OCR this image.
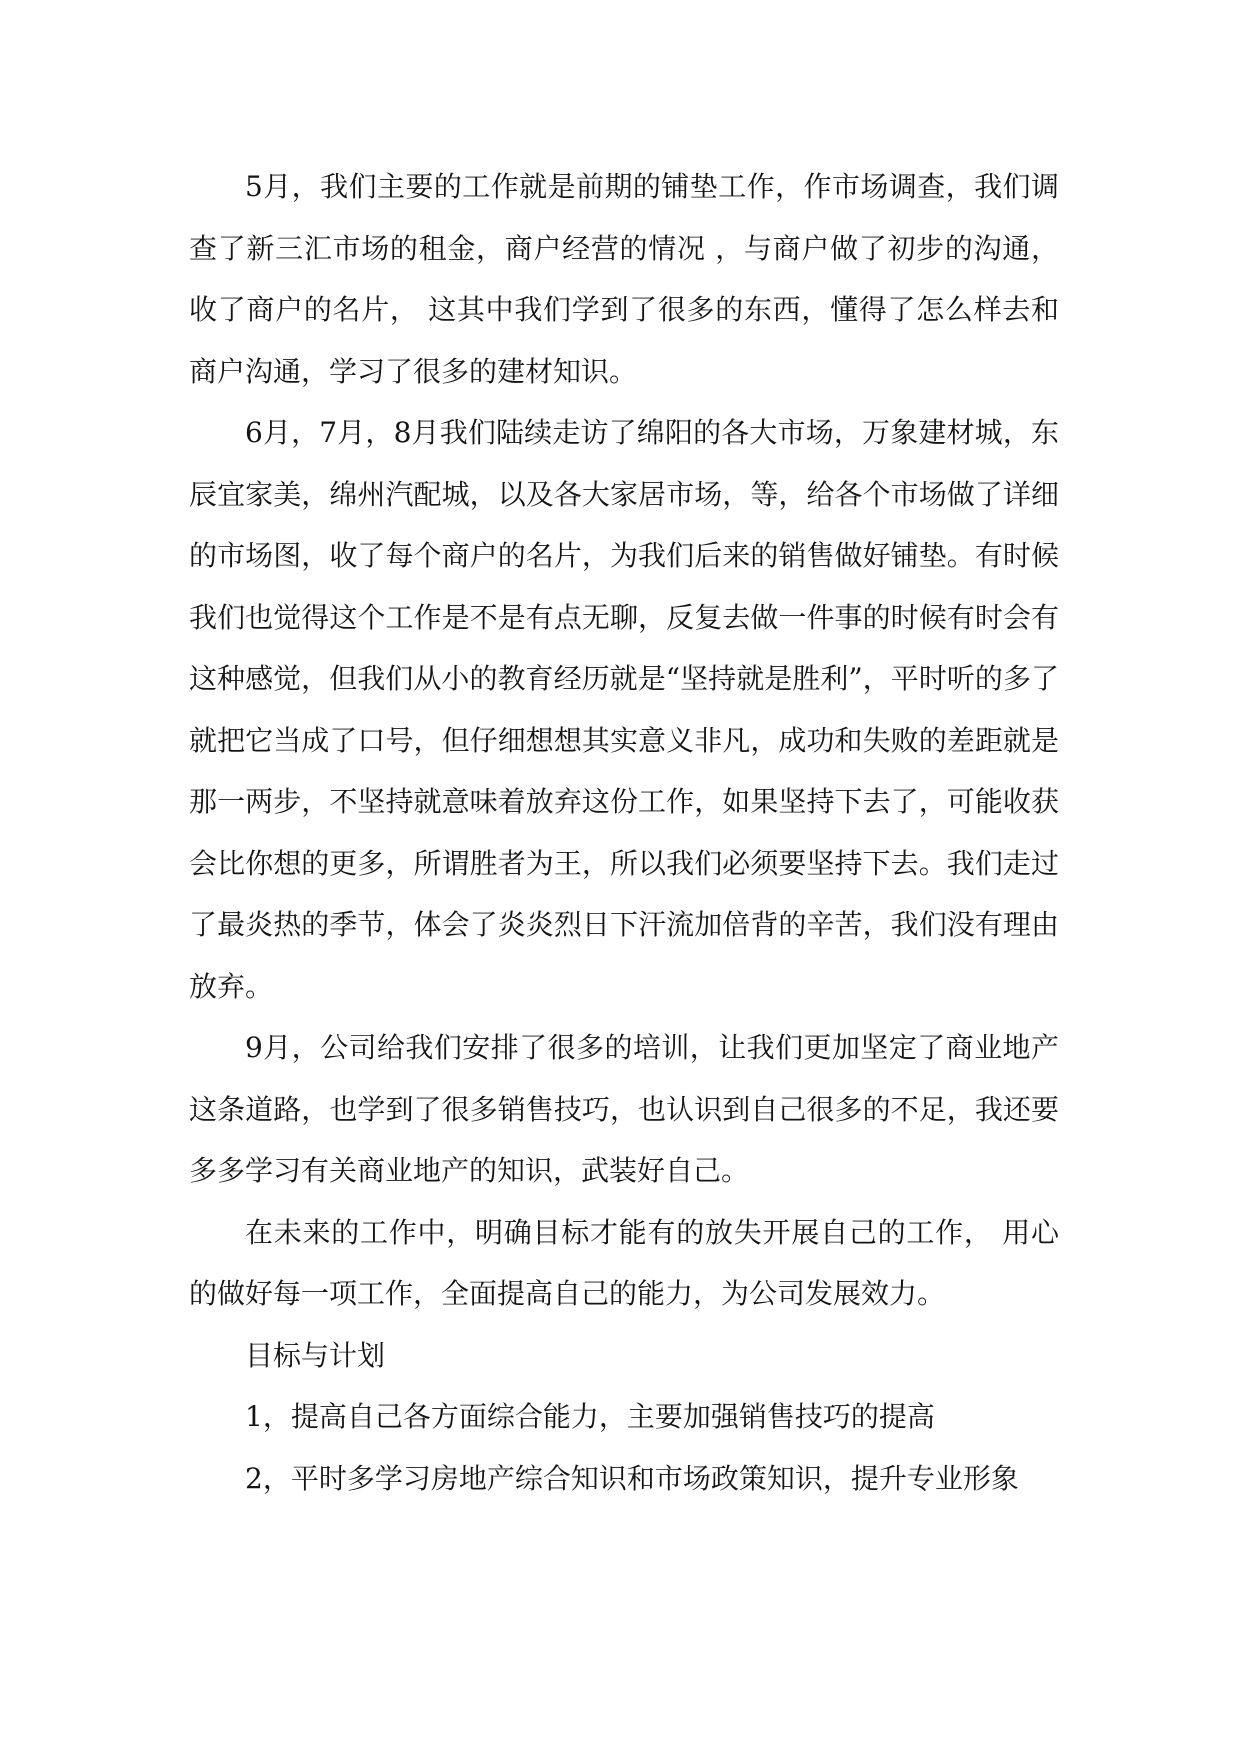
5月，我们主要的工作就是前期的铺垫工作，作市场调查，我们调查了新三汇市场的租金，商户经营的情况 ，与商户做了初步的沟通，收了商户的名片， 这其中我们学到了很多的东西，懂得了怎么样去和商户沟通，学习了很多的建材知识。

6月，7月，8月我们陆续走访了绵阳的各大市场，万象建材城，东辰宜家美，绵州汽配城，以及各大家居市场，等，给各个市场做了详细的市场图，收了每个商户的名片，为我们后来的销售做好铺垫。有时候我们也觉得这个工作是不是有点无聊，反复去做一件事的时候有时会有这种感觉，但我们从小的教育经历就是“坚持就是胜利”，平时听的多了就把它当成了口号，但仔细想想其实意义非凡，成功和失败的差距就是那一两步，不坚持就意味着放弃这份工作，如果坚持下去了，可能收获会比你想的更多，所谓胜者为王，所以我们必须要坚持下去。我们走过了最炎热的季节，体会了炎炎烈日下汗流加倍背的辛苦，我们没有理由放弃。

9月，公司给我们安排了很多的培训，让我们更加坚定了商业地产这条道路，也学到了很多销售技巧，也认识到自己很多的不足，我还要多多学习有关商业地产的知识，武装好自己。

在未来的工作中，明确目标才能有的放失开展自己的工作， 用心的做好每一项工作，全面提高自己的能力，为公司发展效力。

目标与计划

1，提高自己各方面综合能力，主要加强销售技巧的提高

2，平时多学习房地产综合知识和市场政策知识，提升专业形象
